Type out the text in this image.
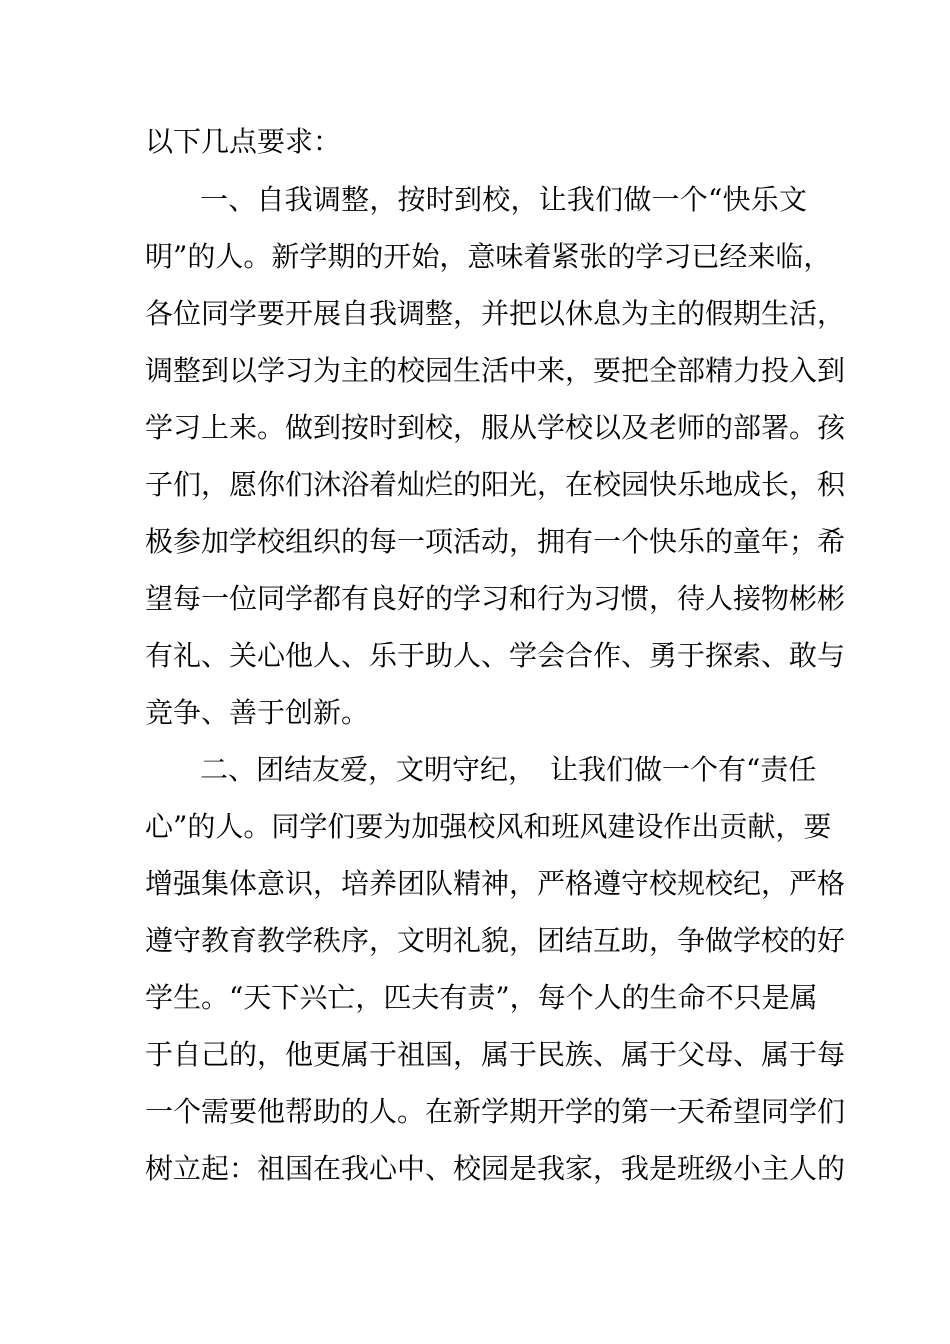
以下几点要求：
一、自我调整，按时到校，让我们做一个“快乐文
明”的人。新学期的开始，意味着紧张的学习已经来临，
各位同学要开展自我调整，并把以休息为主的假期生活，
调整到以学习为主的校园生活中来，要把全部精力投入到
学习上来。做到按时到校，服从学校以及老师的部署。孩
子们，愿你们沐浴着灿烂的阳光，在校园快乐地成长，积
极参加学校组织的每一项活动，拥有一个快乐的童年；希
望每一位同学都有良好的学习和行为习惯，待人接物彬彬
有礼、关心他人、乐于助人、学会合作、勇于探索、敢与
竞争、善于创新。
二、团结友爱，文明守纪，　让我们做一个有“责任
心”的人。同学们要为加强校风和班风建设作出贡献，要
增强集体意识，培养团队精神，严格遵守校规校纪，严格
遵守教育教学秩序，文明礼貌，团结互助，争做学校的好
学生。“天下兴亡，匹夫有责”，每个人的生命不只是属
于自己的，他更属于祖国，属于民族、属于父母、属于每
一个需要他帮助的人。在新学期开学的第一天希望同学们
树立起：祖国在我心中、校园是我家，我是班级小主人的
